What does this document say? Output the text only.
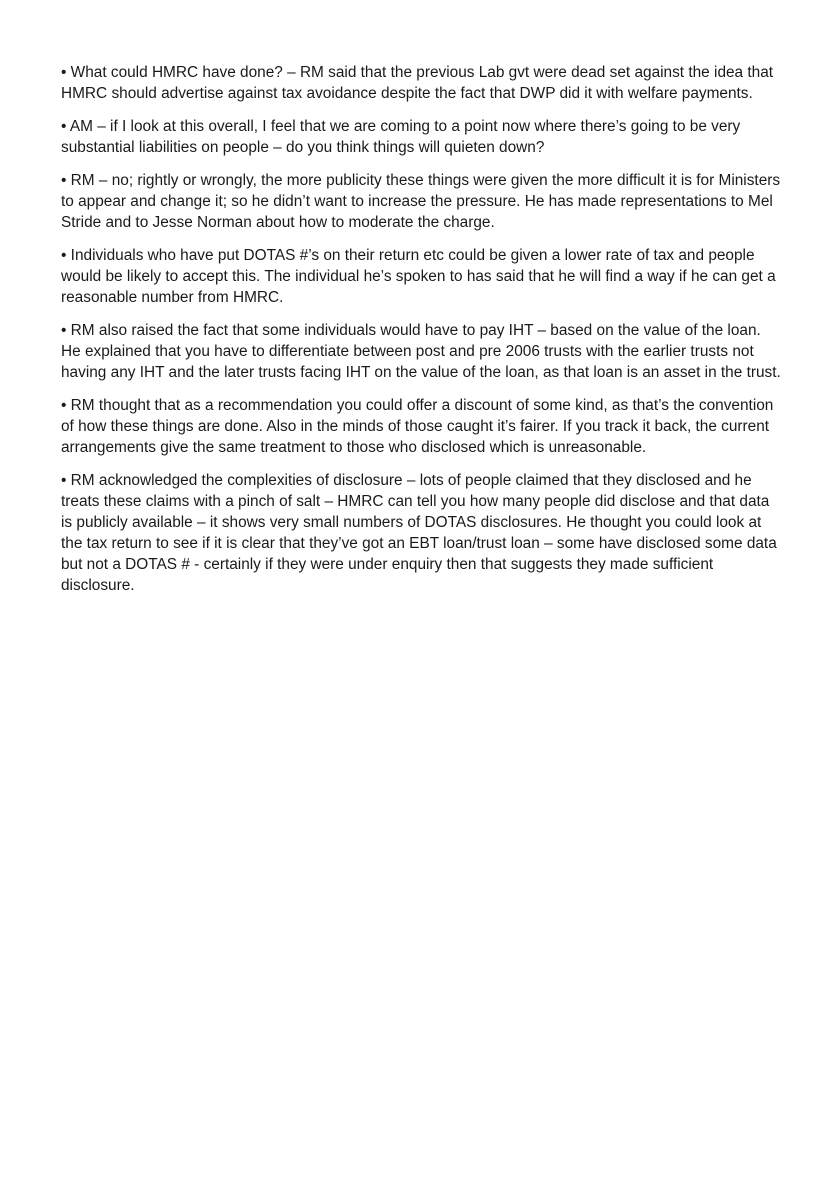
• What could HMRC have done? – RM said that the previous Lab gvt were dead set against the idea that HMRC should advertise against tax avoidance despite the fact that DWP did it with welfare payments.

• AM – if I look at this overall, I feel that we are coming to a point now where there’s going to be very substantial liabilities on people – do you think things will quieten down?

• RM – no; rightly or wrongly, the more publicity these things were given the more difficult it is for Ministers to appear and change it; so he didn’t want to increase the pressure. He has made representations to Mel Stride and to Jesse Norman about how to moderate the charge.

• Individuals who have put DOTAS #’s on their return etc could be given a lower rate of tax and people would be likely to accept this. The individual he’s spoken to has said that he will find a way if he can get a reasonable number from HMRC.

• RM also raised the fact that some individuals would have to pay IHT – based on the value of the loan. He explained that you have to differentiate between post and pre 2006 trusts with the earlier trusts not having any IHT and the later trusts facing IHT on the value of the loan, as that loan is an asset in the trust.

• RM thought that as a recommendation you could offer a discount of some kind, as that’s the convention of how these things are done. Also in the minds of those caught it’s fairer. If you track it back, the current arrangements give the same treatment to those who disclosed which is unreasonable.

• RM acknowledged the complexities of disclosure – lots of people claimed that they disclosed and he treats these claims with a pinch of salt – HMRC can tell you how many people did disclose and that data is publicly available – it shows very small numbers of DOTAS disclosures. He thought you could look at the tax return to see if it is clear that they’ve got an EBT loan/trust loan – some have disclosed some data but not a DOTAS # - certainly if they were under enquiry then that suggests they made sufficient disclosure.
